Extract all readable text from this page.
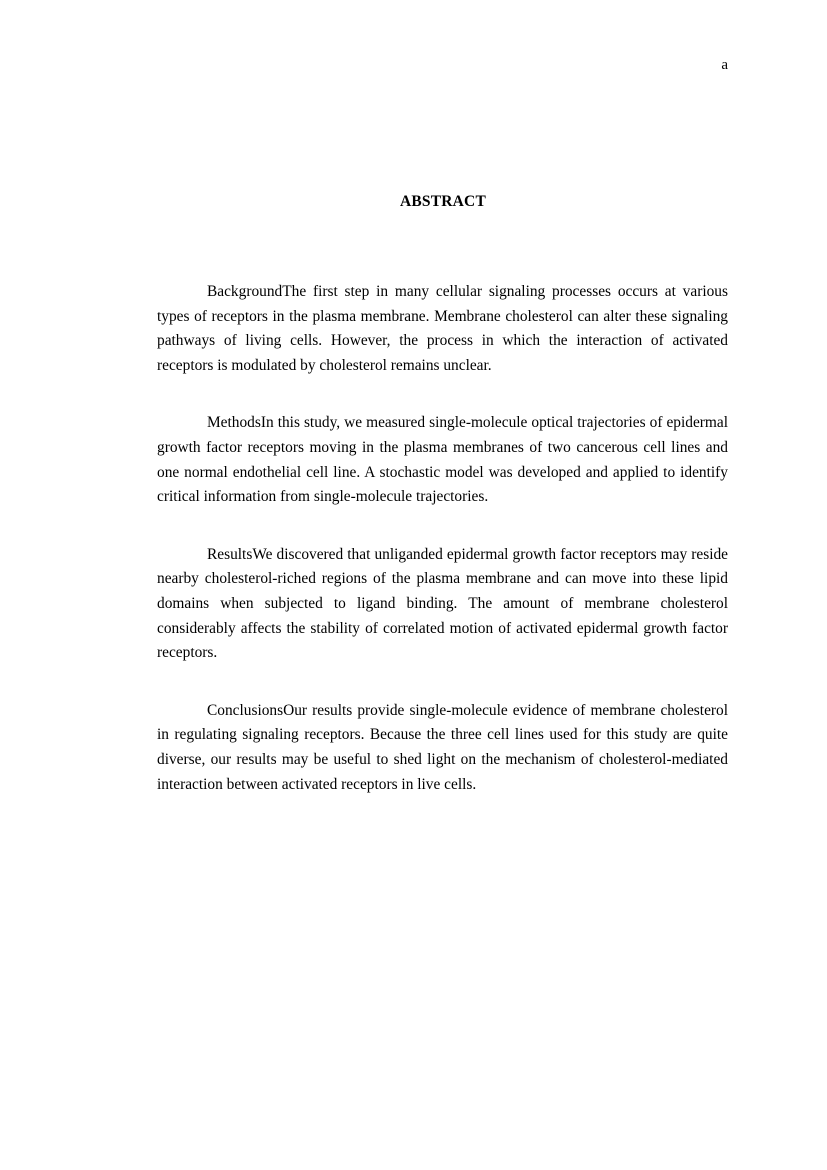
a
ABSTRACT

BackgroundThe first step in many cellular signaling processes occurs at various types of receptors in the plasma membrane. Membrane cholesterol can alter these signaling pathways of living cells. However, the process in which the interaction of activated receptors is modulated by cholesterol remains unclear.

MethodsIn this study, we measured single-molecule optical trajectories of epidermal growth factor receptors moving in the plasma membranes of two cancerous cell lines and one normal endothelial cell line. A stochastic model was developed and applied to identify critical information from single-molecule trajectories.

ResultsWe discovered that unliganded epidermal growth factor receptors may reside nearby cholesterol-riched regions of the plasma membrane and can move into these lipid domains when subjected to ligand binding. The amount of membrane cholesterol considerably affects the stability of correlated motion of activated epidermal growth factor receptors.

ConclusionsOur results provide single-molecule evidence of membrane cholesterol in regulating signaling receptors. Because the three cell lines used for this study are quite diverse, our results may be useful to shed light on the mechanism of cholesterol-mediated interaction between activated receptors in live cells.
